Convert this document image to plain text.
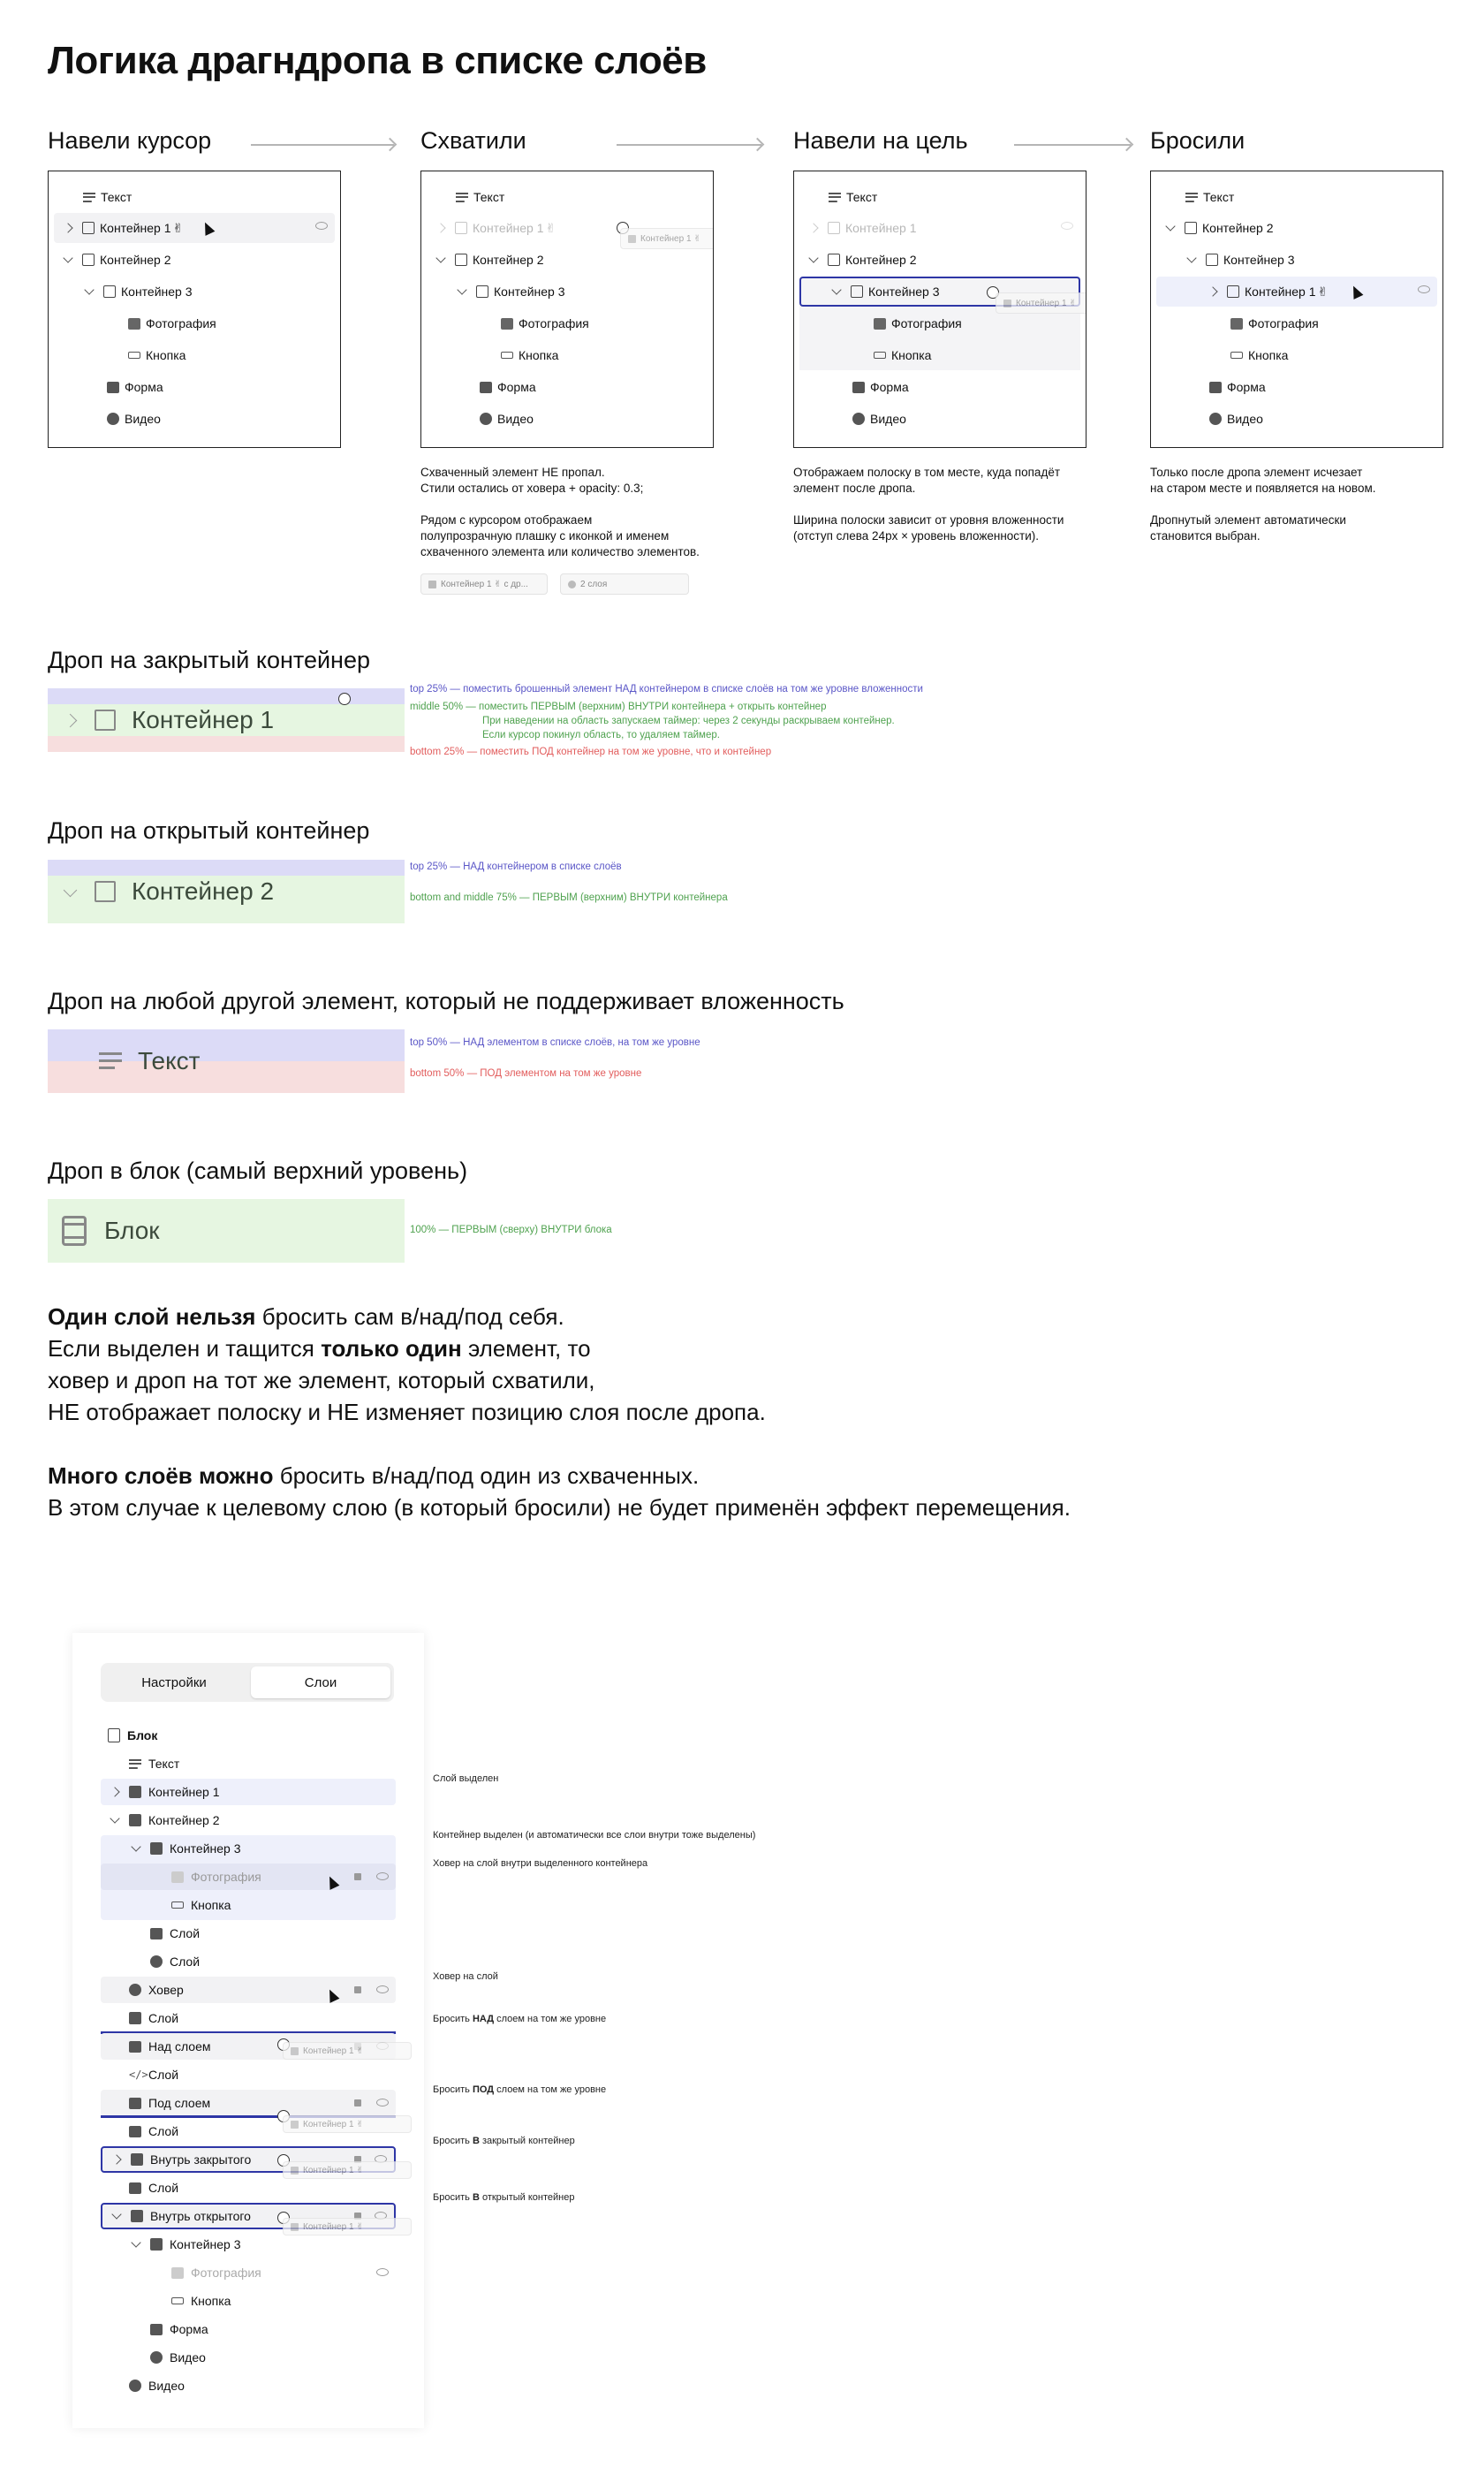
Логика драгндропа в списке слоёв
Навели курсор	Схватили	Навели на цель	Бросили
Текст
Контейнер 1 ✌
Контейнер 2
Контейнер 3
Фотография
Кнопка
Форма
Видео
Текст
Контейнер 1 ✌
Контейнер 1 ✌
Контейнер 2
Контейнер 3
Фотография
Кнопка
Форма
Видео
Текст
Контейнер 1
Контейнер 2
Контейнер 3
Контейнер 1 ✌
Фотография
Кнопка
Форма
Видео
Текст
Контейнер 2
Контейнер 3
Контейнер 1 ✌
Фотография
Кнопка
Форма
Видео
Схваченный элемент НЕ пропал.
Стили остались от ховера + opacity: 0.3;

Рядом с курсором отображаем
полупрозрачную плашку с иконкой и именем
схваченного элемента или количество элементов.
Контейнер 1 ✌ с др...	2 слоя
Отображаем полоску в том месте, куда попадёт
элемент после дропа.

Ширина полоски зависит от уровня вложенности
(отступ слева 24px × уровень вложенности).
Только после дропа элемент исчезает
на старом месте и появляется на новом.

Дропнутый элемент автоматически
становится выбран.
Дроп на закрытый контейнер
Контейнер 1
top 25% — поместить брошенный элемент НАД контейнером в списке слоёв на том же уровне вложенности
middle 50% — поместить ПЕРВЫМ (верхним) ВНУТРИ контейнера + открыть контейнер
При наведении на область запускаем таймер: через 2 секунды раскрываем контейнер.
Если курсор покинул область, то удаляем таймер.
bottom 25% — поместить ПОД контейнер на том же уровне, что и контейнер
Дроп на открытый контейнер
Контейнер 2
top 25% — НАД контейнером в списке слоёв
bottom and middle 75% — ПЕРВЫМ (верхним) ВНУТРИ контейнера
Дроп на любой другой элемент, который не поддерживает вложенность
Текст
top 50% — НАД элементом в списке слоёв, на том же уровне
bottom 50% — ПОД элементом на том же уровне
Дроп в блок (самый верхний уровень)
Блок	100% — ПЕРВЫМ (сверху) ВНУТРИ блока
Один слой нельзя бросить сам в/над/под себя.
Если выделен и тащится только один элемент, то
ховер и дроп на тот же элемент, который схватили,
НЕ отображает полоску и НЕ изменяет позицию слоя после дропа.
Много слоёв можно бросить в/над/под один из схваченных.
В этом случае к целевому слою (в который бросили) не будет применён эффект перемещения.
Настройки	Слои
Блок
Текст
Контейнер 1
Контейнер 2
Контейнер 3
Фотография
Кнопка
Слой
Слой
Ховер
Слой
Над слоем	Контейнер 1 ✌
</> Слой
Под слоем
Контейнер 1 ✌
Слой
Внутрь закрытого
Контейнер 1 ✌
Слой
Внутрь открытого
Контейнер 1 ✌
Контейнер 3
Фотография
Кнопка
Форма
Видео
Видео
Слой выделен
Контейнер выделен (и автоматически все слои внутри тоже выделены)
Ховер на слой внутри выделенного контейнера
Ховер на слой
Бросить НАД слоем на том же уровне
Бросить ПОД слоем на том же уровне
Бросить В закрытый контейнер
Бросить В открытый контейнер
